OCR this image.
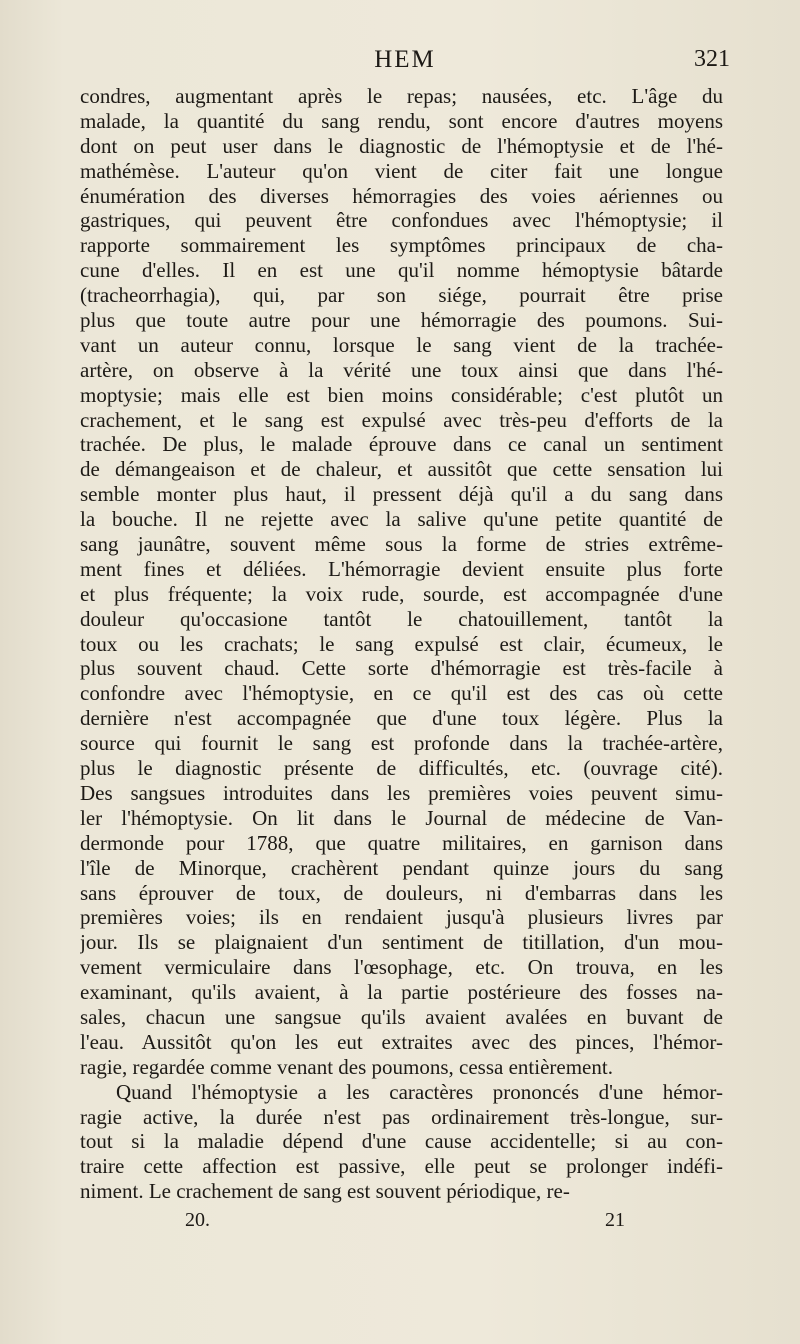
HEM	321
condres, augmentant après le repas; nausées, etc. L'âge du
malade, la quantité du sang rendu, sont encore d'autres moyens
dont on peut user dans le diagnostic de l'hémoptysie et de l'hé-
mathémèse. L'auteur qu'on vient de citer fait une longue
énumération des diverses hémorragies des voies aériennes ou
gastriques, qui peuvent être confondues avec l'hémoptysie; il
rapporte sommairement les symptômes principaux de cha-
cune d'elles. Il en est une qu'il nomme hémoptysie bâtarde
(tracheorrhagia), qui, par son siége, pourrait être prise
plus que toute autre pour une hémorragie des poumons. Sui-
vant un auteur connu, lorsque le sang vient de la trachée-
artère, on observe à la vérité une toux ainsi que dans l'hé-
moptysie; mais elle est bien moins considérable; c'est plutôt un
crachement, et le sang est expulsé avec très-peu d'efforts de la
trachée. De plus, le malade éprouve dans ce canal un sentiment
de démangeaison et de chaleur, et aussitôt que cette sensation lui
semble monter plus haut, il pressent déjà qu'il a du sang dans
la bouche. Il ne rejette avec la salive qu'une petite quantité de
sang jaunâtre, souvent même sous la forme de stries extrême-
ment fines et déliées. L'hémorragie devient ensuite plus forte
et plus fréquente; la voix rude, sourde, est accompagnée d'une
douleur qu'occasione tantôt le chatouillement, tantôt la
toux ou les crachats; le sang expulsé est clair, écumeux, le
plus souvent chaud. Cette sorte d'hémorragie est très-facile à
confondre avec l'hémoptysie, en ce qu'il est des cas où cette
dernière n'est accompagnée que d'une toux légère. Plus la
source qui fournit le sang est profonde dans la trachée-artère,
plus le diagnostic présente de difficultés, etc. (ouvrage cité).
Des sangsues introduites dans les premières voies peuvent simu-
ler l'hémoptysie. On lit dans le Journal de médecine de Van-
dermonde pour 1788, que quatre militaires, en garnison dans
l'île de Minorque, crachèrent pendant quinze jours du sang
sans éprouver de toux, de douleurs, ni d'embarras dans les
premières voies; ils en rendaient jusqu'à plusieurs livres par
jour. Ils se plaignaient d'un sentiment de titillation, d'un mou-
vement vermiculaire dans l'œsophage, etc. On trouva, en les
examinant, qu'ils avaient, à la partie postérieure des fosses na-
sales, chacun une sangsue qu'ils avaient avalées en buvant de
l'eau. Aussitôt qu'on les eut extraites avec des pinces, l'hémor-
ragie, regardée comme venant des poumons, cessa entièrement.
Quand l'hémoptysie a les caractères prononcés d'une hémor-
ragie active, la durée n'est pas ordinairement très-longue, sur-
tout si la maladie dépend d'une cause accidentelle; si au con-
traire cette affection est passive, elle peut se prolonger indéfi-
niment. Le crachement de sang est souvent périodique, re-
20.	21
